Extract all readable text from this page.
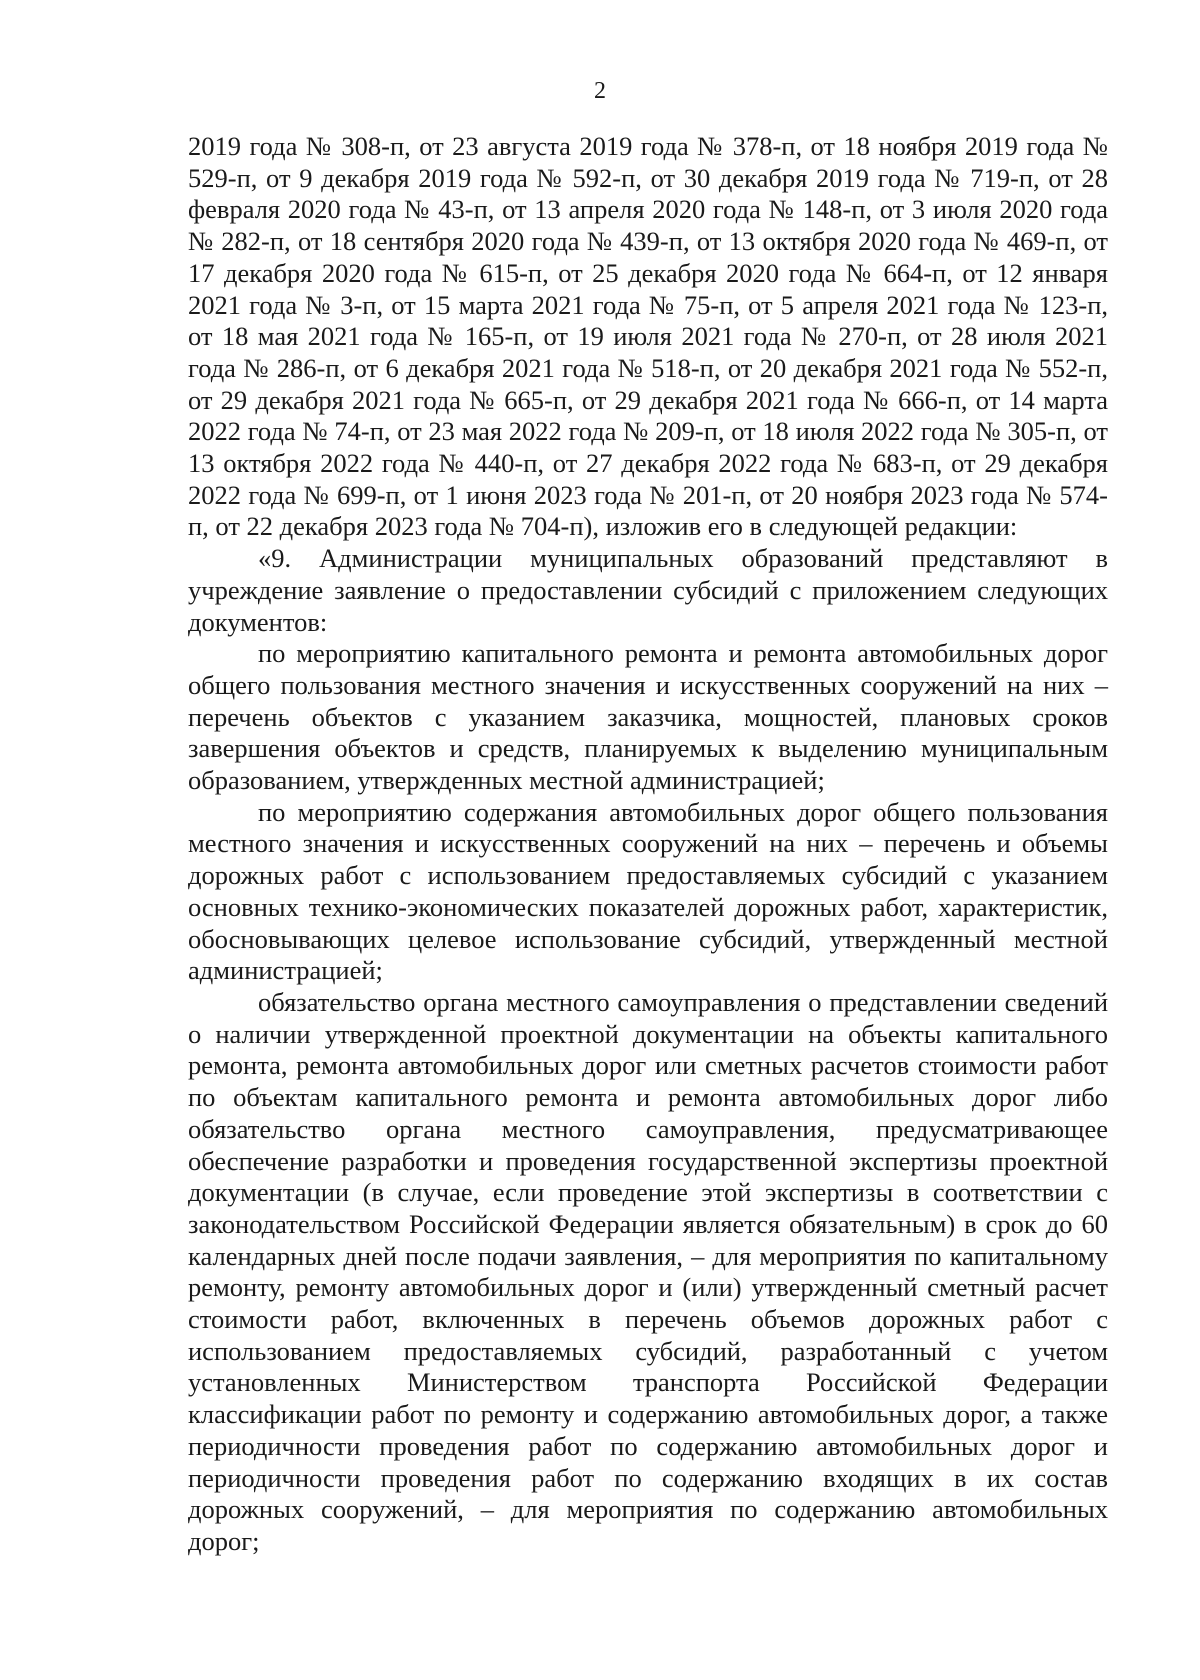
2

2019 года № 308-п, от 23 августа 2019 года № 378-п, от 18 ноября 2019 года № 529-п, от 9 декабря 2019 года № 592-п, от 30 декабря 2019 года № 719-п, от 28 февраля 2020 года № 43-п, от 13 апреля 2020 года № 148-п, от 3 июля 2020 года № 282-п, от 18 сентября 2020 года № 439-п, от 13 октября 2020 года № 469-п, от 17 декабря 2020 года № 615-п, от 25 декабря 2020 года № 664-п, от 12 января 2021 года № 3-п, от 15 марта 2021 года № 75-п, от 5 апреля 2021 года № 123-п, от 18 мая 2021 года № 165-п, от 19 июля 2021 года № 270-п, от 28 июля 2021 года № 286-п, от 6 декабря 2021 года № 518-п, от 20 декабря 2021 года № 552-п, от 29 декабря 2021 года № 665-п, от 29 декабря 2021 года № 666-п, от 14 марта 2022 года № 74-п, от 23 мая 2022 года № 209-п, от 18 июля 2022 года № 305-п, от 13 октября 2022 года № 440-п, от 27 декабря 2022 года № 683-п, от 29 декабря 2022 года № 699-п, от 1 июня 2023 года № 201-п, от 20 ноября 2023 года № 574-п, от 22 декабря 2023 года № 704-п), изложив его в следующей редакции:

«9. Администрации муниципальных образований представляют в учреждение заявление о предоставлении субсидий с приложением следующих документов:

по мероприятию капитального ремонта и ремонта автомобильных дорог общего пользования местного значения и искусственных сооружений на них – перечень объектов с указанием заказчика, мощностей, плановых сроков завершения объектов и средств, планируемых к выделению муниципальным образованием, утвержденных местной администрацией;

по мероприятию содержания автомобильных дорог общего пользования местного значения и искусственных сооружений на них – перечень и объемы дорожных работ с использованием предоставляемых субсидий с указанием основных технико-экономических показателей дорожных работ, характеристик, обосновывающих целевое использование субсидий, утвержденный местной администрацией;

обязательство органа местного самоуправления о представлении сведений о наличии утвержденной проектной документации на объекты капитального ремонта, ремонта автомобильных дорог или сметных расчетов стоимости работ по объектам капитального ремонта и ремонта автомобильных дорог либо обязательство органа местного самоуправления, предусматривающее обеспечение разработки и проведения государственной экспертизы проектной документации (в случае, если проведение этой экспертизы в соответствии с законодательством Российской Федерации является обязательным) в срок до 60 календарных дней после подачи заявления, – для мероприятия по капитальному ремонту, ремонту автомобильных дорог и (или) утвержденный сметный расчет стоимости работ, включенных в перечень объемов дорожных работ с использованием предоставляемых субсидий, разработанный с учетом установленных Министерством транспорта Российской Федерации классификации работ по ремонту и содержанию автомобильных дорог, а также периодичности проведения работ по содержанию автомобильных дорог и периодичности проведения работ по содержанию входящих в их состав дорожных сооружений, – для мероприятия по содержанию автомобильных дорог;
